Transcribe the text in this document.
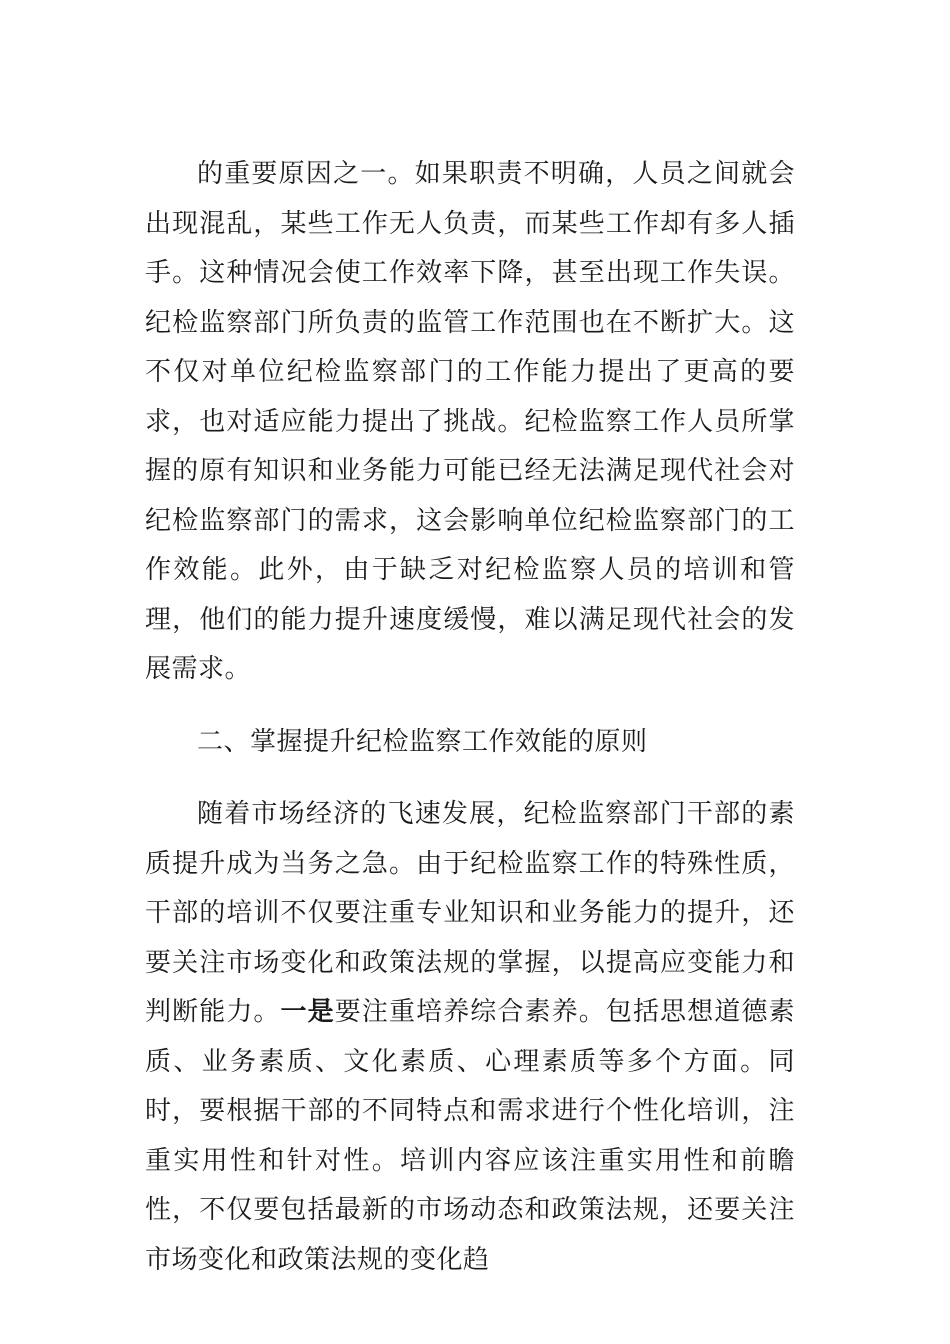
的重要原因之一。如果职责不明确，人员之间就会出现混乱，某些工作无人负责，而某些工作却有多人插手。这种情况会使工作效率下降，甚至出现工作失误。纪检监察部门所负责的监管工作范围也在不断扩大。这不仅对单位纪检监察部门的工作能力提出了更高的要求，也对适应能力提出了挑战。纪检监察工作人员所掌握的原有知识和业务能力可能已经无法满足现代社会对纪检监察部门的需求，这会影响单位纪检监察部门的工作效能。此外，由于缺乏对纪检监察人员的培训和管理，他们的能力提升速度缓慢，难以满足现代社会的发展需求。

二、掌握提升纪检监察工作效能的原则

随着市场经济的飞速发展，纪检监察部门干部的素质提升成为当务之急。由于纪检监察工作的特殊性质，干部的培训不仅要注重专业知识和业务能力的提升，还要关注市场变化和政策法规的掌握，以提高应变能力和判断能力。一是要注重培养综合素养。包括思想道德素质、业务素质、文化素质、心理素质等多个方面。同时，要根据干部的不同特点和需求进行个性化培训，注重实用性和针对性。培训内容应该注重实用性和前瞻性，不仅要包括最新的市场动态和政策法规，还要关注市场变化和政策法规的变化趋
